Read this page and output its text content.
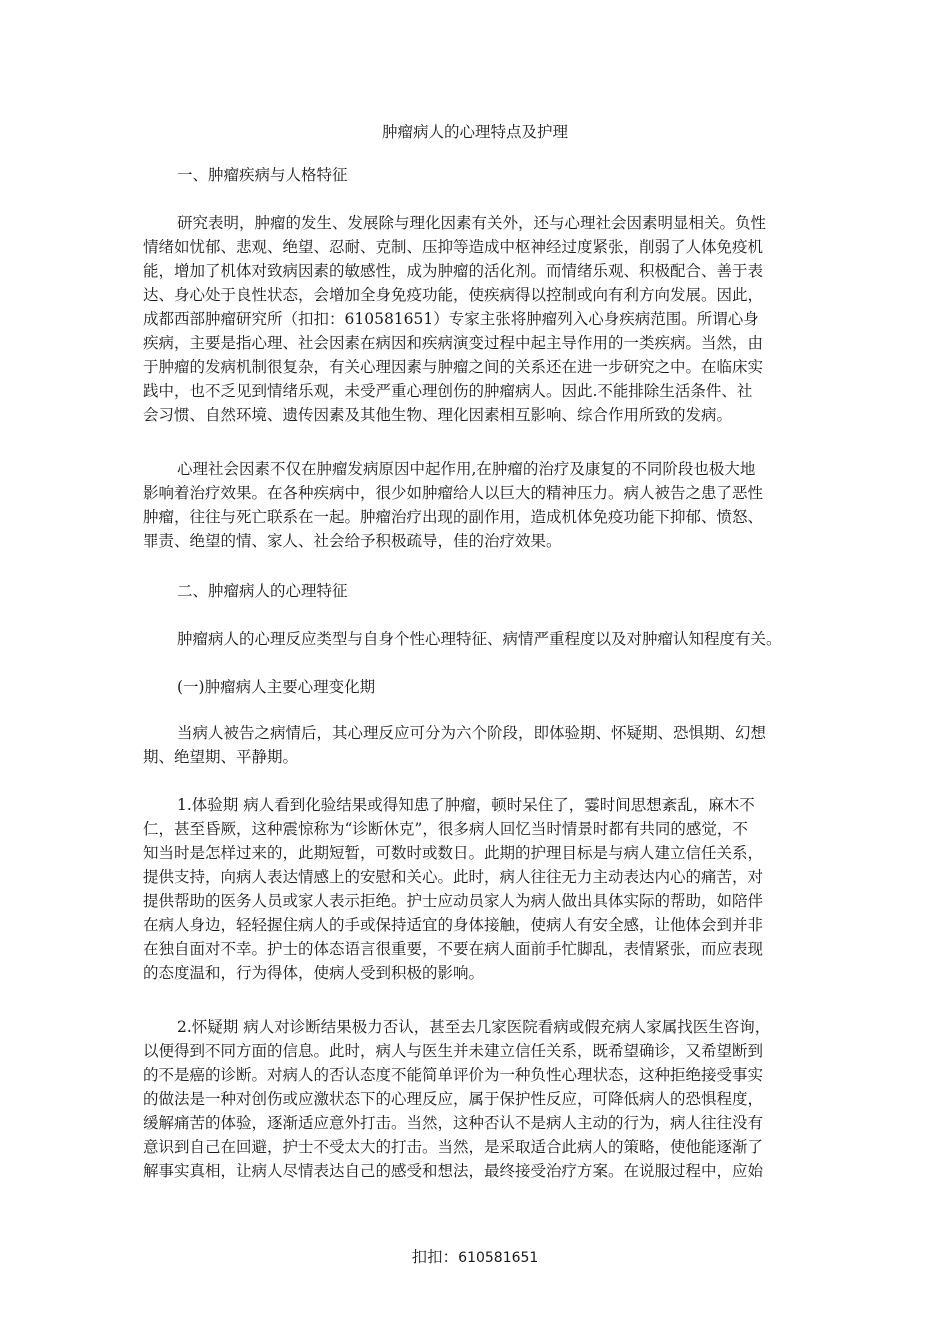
肿瘤病人的心理特点及护理
一、肿瘤疾病与人格特征
研究表明，肿瘤的发生、发展除与理化因素有关外，还与心理社会因素明显相关。负性
情绪如忧郁、悲观、绝望、忍耐、克制、压抑等造成中枢神经过度紧张，削弱了人体免疫机
能，增加了机体对致病因素的敏感性，成为肿瘤的活化剂。而情绪乐观、积极配合、善于表
达、身心处于良性状态，会增加全身免疫功能，使疾病得以控制或向有利方向发展。因此，
成都西部肿瘤研究所（扣扣：610581651）专家主张将肿瘤列入心身疾病范围。所谓心身
疾病，主要是指心理、社会因素在病因和疾病演变过程中起主导作用的一类疾病。当然，由
于肿瘤的发病机制很复杂，有关心理因素与肿瘤之间的关系还在进一步研究之中。在临床实
践中，也不乏见到情绪乐观，未受严重心理创伤的肿瘤病人。因此.不能排除生活条件、社
会习惯、自然环境、遗传因素及其他生物、理化因素相互影响、综合作用所致的发病。
心理社会因素不仅在肿瘤发病原因中起作用,在肿瘤的治疗及康复的不同阶段也极大地
影响着治疗效果。在各种疾病中，很少如肿瘤给人以巨大的精神压力。病人被告之患了恶性
肿瘤，往往与死亡联系在一起。肿瘤治疗出现的副作用，造成机体免疫功能下抑郁、愤怒、
罪责、绝望的情、家人、社会给予积极疏导，佳的治疗效果。
二、肿瘤病人的心理特征
肿瘤病人的心理反应类型与自身个性心理特征、病情严重程度以及对肿瘤认知程度有关。
(一)肿瘤病人主要心理变化期
当病人被告之病情后，其心理反应可分为六个阶段，即体验期、怀疑期、恐惧期、幻想
期、绝望期、平静期。
1.体验期 病人看到化验结果或得知患了肿瘤，顿时呆住了，霎时间思想紊乱，麻木不
仁，甚至昏厥，这种震惊称为“诊断休克”，很多病人回忆当时情景时都有共同的感觉，不
知当时是怎样过来的，此期短暂，可数时或数日。此期的护理目标是与病人建立信任关系，
提供支持，向病人表达情感上的安慰和关心。此时，病人往往无力主动表达内心的痛苦，对
提供帮助的医务人员或家人表示拒绝。护士应动员家人为病人做出具体实际的帮助，如陪伴
在病人身边，轻轻握住病人的手或保持适宜的身体接触，使病人有安全感，让他体会到并非
在独自面对不幸。护士的体态语言很重要，不要在病人面前手忙脚乱，表情紧张，而应表现
的态度温和，行为得体，使病人受到积极的影响。
2.怀疑期 病人对诊断结果极力否认，甚至去几家医院看病或假充病人家属找医生咨询，
以便得到不同方面的信息。此时，病人与医生并未建立信任关系，既希望确诊，又希望断到
的不是癌的诊断。对病人的否认态度不能简单评价为一种负性心理状态，这种拒绝接受事实
的做法是一种对创伤或应激状态下的心理反应，属于保护性反应，可降低病人的恐惧程度，
缓解痛苦的体验，逐渐适应意外打击。当然，这种否认不是病人主动的行为，病人往往没有
意识到自己在回避，护士不受太大的打击。当然，是采取适合此病人的策略，使他能逐渐了
解事实真相，让病人尽情表达自己的感受和想法，最终接受治疗方案。在说服过程中，应始
扣扣：610581651
